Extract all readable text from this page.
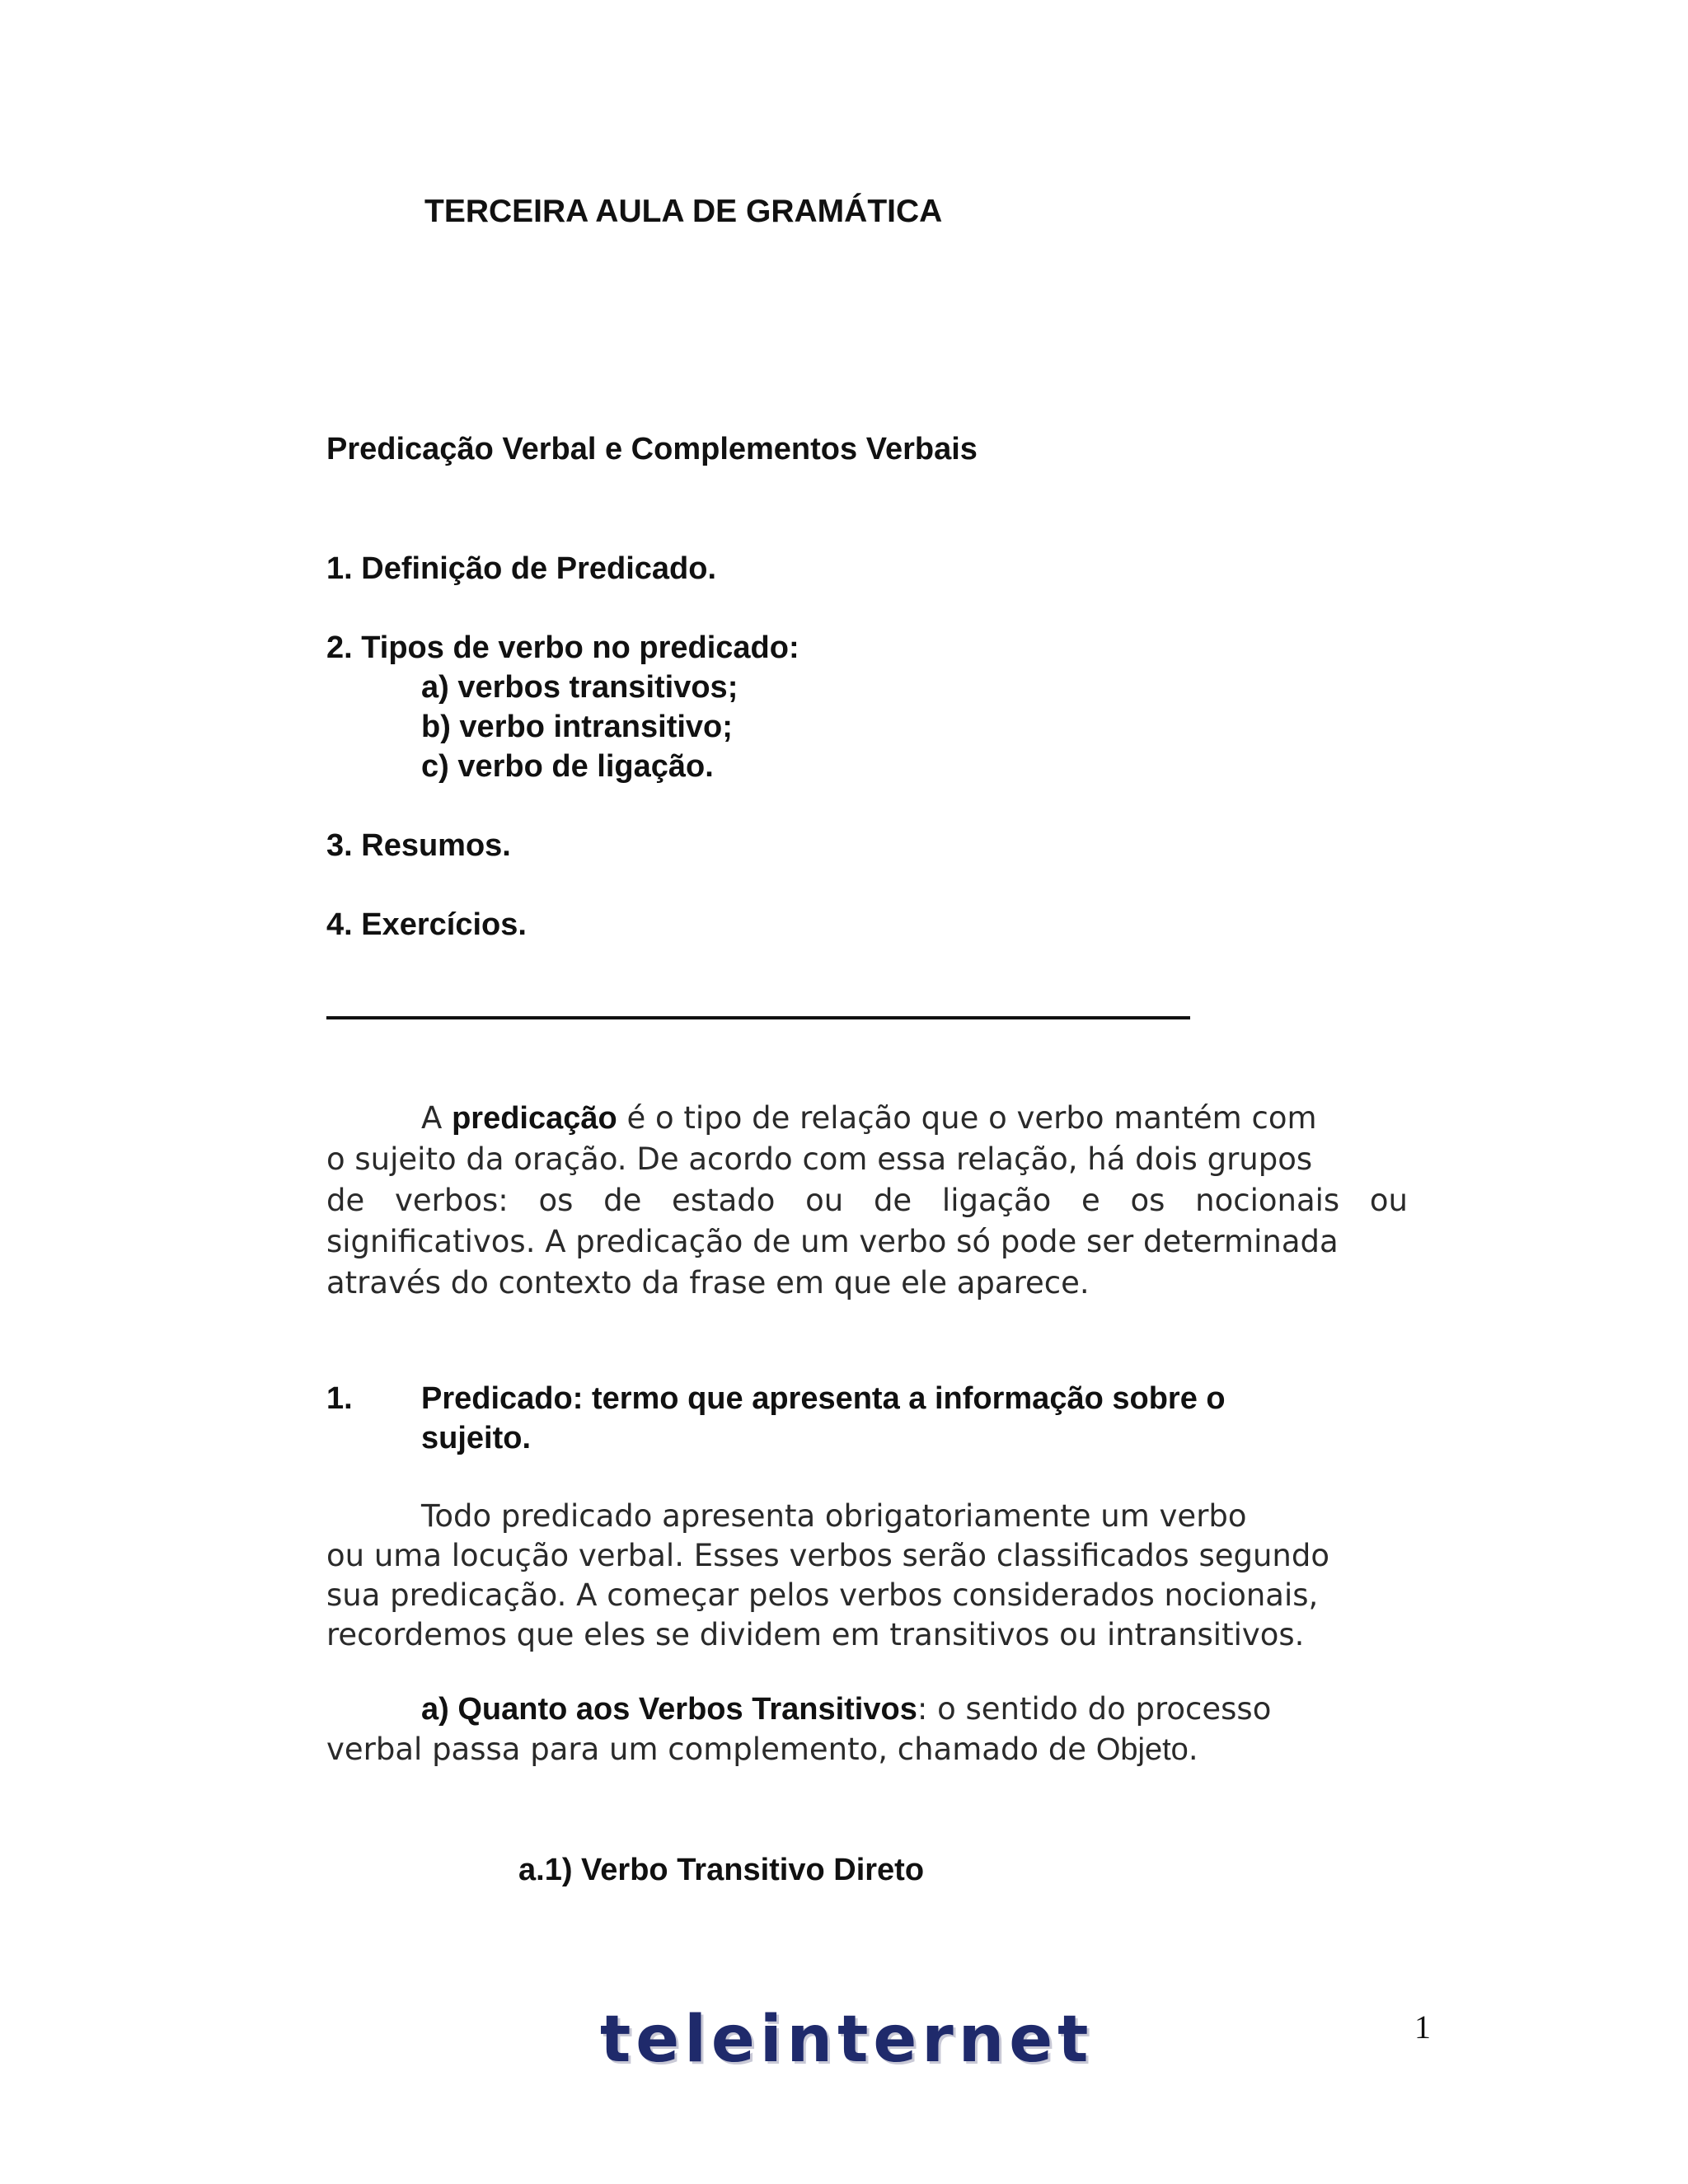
TERCEIRA AULA DE GRAMÁTICA
Predicação Verbal e Complementos Verbais
1. Definição de Predicado.
2. Tipos de verbo no predicado:
a) verbos transitivos;
b) verbo intransitivo;
c) verbo de ligação.
3. Resumos.
4. Exercícios.
A predicação é o tipo de relação que o verbo mantém com
o sujeito da oração. De acordo com essa relação, há dois grupos
de verbos: os de estado ou de ligação e os nocionais ou
significativos. A predicação de um verbo só pode ser determinada
através do contexto da frase em que ele aparece.
1. Predicado: termo que apresenta a informação sobre o
sujeito.
Todo predicado apresenta obrigatoriamente um verbo
ou uma locução verbal. Esses verbos serão classificados segundo
sua predicação. A começar pelos verbos considerados nocionais,
recordemos que eles se dividem em transitivos ou intransitivos.
a) Quanto aos Verbos Transitivos: o sentido do processo
verbal passa para um complemento, chamado de Objeto.
a.1) Verbo Transitivo Direto
teleinternet	1
